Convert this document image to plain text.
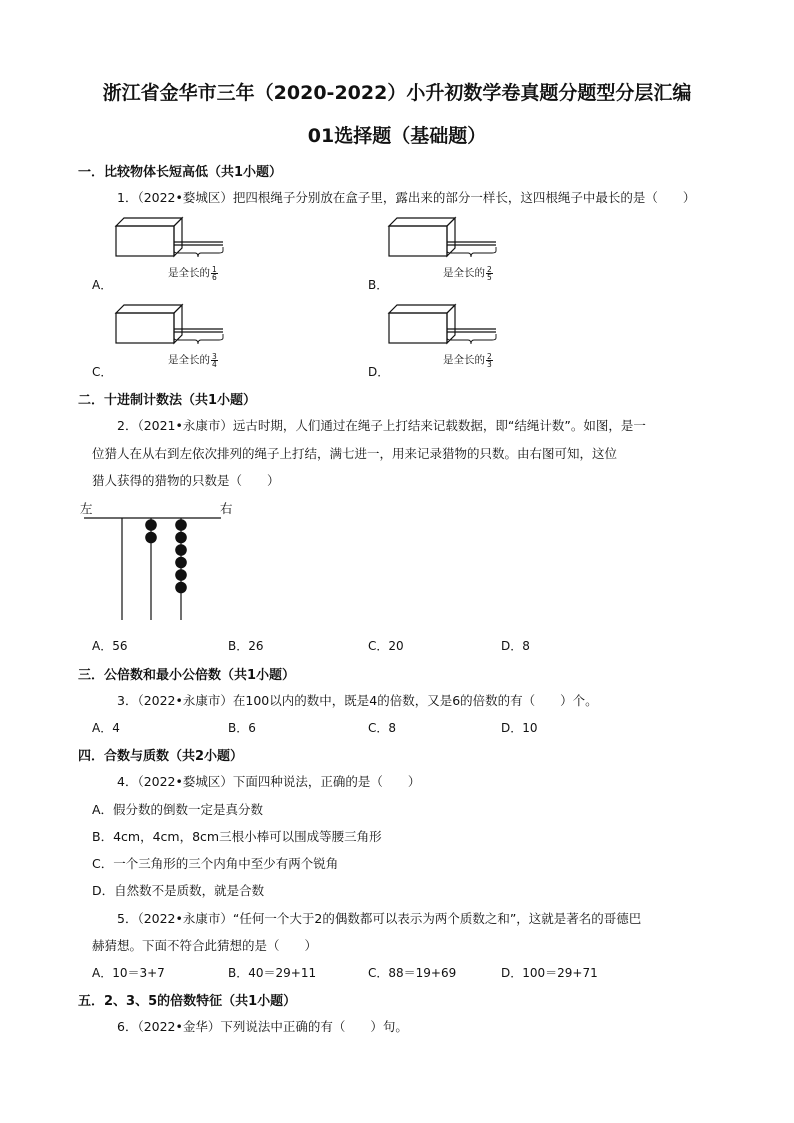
浙江省金华市三年（2020-2022）小升初数学卷真题分题型分层汇编
01选择题（基础题）
一．比较物体长短高低（共1小题）
1．（2022•婺城区）把四根绳子分别放在盒子里，露出来的部分一样长，这四根绳子中最长的是（　　）
是全长的 $\frac{1}{6}$
A．
是全长的 $\frac{2}{5}$
B．
是全长的 $\frac{3}{4}$
C．
是全长的 $\frac{2}{3}$
D．
二．十进制计数法（共1小题）
2．（2021•永康市）远古时期，人们通过在绳子上打结来记载数据，即“结绳计数”。如图，是一
位猎人在从右到左依次排列的绳子上打结，满七进一，用来记录猎物的只数。由右图可知，这位
猎人获得的猎物的只数是（　　）
左	右
A．56	B．26	C．20	D．8
三．公倍数和最小公倍数（共1小题）
3．（2022•永康市）在100以内的数中，既是4的倍数，又是6的倍数的有（　　）个。
A．4	B．6	C．8	D．10
四．合数与质数（共2小题）
4．（2022•婺城区）下面四种说法，正确的是（　　）
A．假分数的倒数一定是真分数
B．4cm，4cm，8cm三根小棒可以围成等腰三角形
C．一个三角形的三个内角中至少有两个锐角
D．自然数不是质数，就是合数
5．（2022•永康市）“任何一个大于2的偶数都可以表示为两个质数之和”，这就是著名的哥德巴
赫猜想。下面不符合此猜想的是（　　）
A．10＝3+7	B．40＝29+11	C．88＝19+69	D．100＝29+71
五．2、3、5的倍数特征（共1小题）
6．（2022•金华）下列说法中正确的有（　　）句。
